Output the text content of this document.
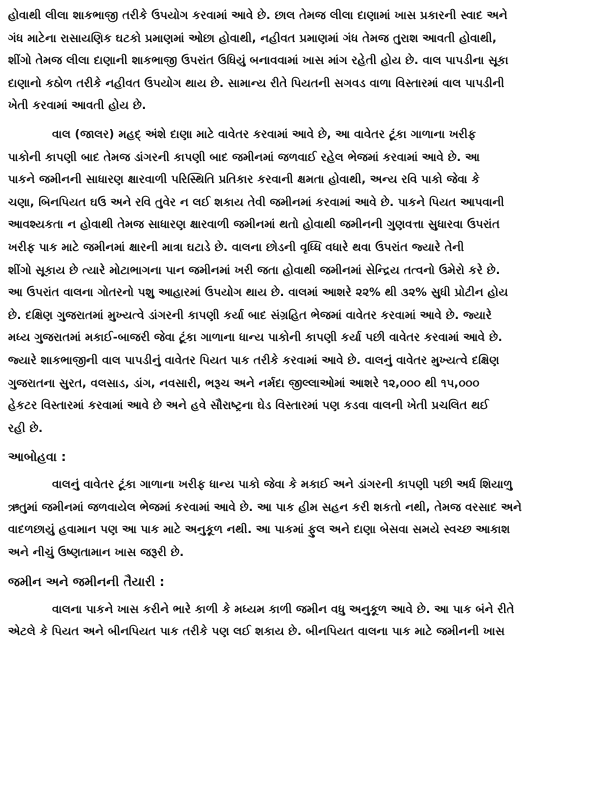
હોવાથી લીલા શાકભાજી તરીકે ઉપયોગ કરવામાં આવે છે. છાલ તેમજ લીલા દાણામાં ખાસ પ્રકારની સ્વાદ અને
ગંધ માટેના રાસાયણિક ઘટકો પ્રમાણમાં ઓછા હોવાથી, નહીવત પ્રમાણમાં ગંધ તેમજ તુરાશ આવતી હોવાથી,
શીંગો તેમજ લીલા દાણાની શાકભાજી ઉપરાંત ઉધિયું બનાવવામાં ખાસ માંગ રહેતી હોય છે. વાલ પાપડીના સૂકા
દાણાનો કઠોળ તરીકે નહીવત ઉપયોગ થાય છે. સામાન્ય રીતે પિયતની સગવડ વાળા વિસ્તારમાં વાલ પાપડીની
ખેતી કરવામાં આવતી હોય છે.
વાલ (જાલર) મહદ્ અંશે દાણા માટે વાવેતર કરવામાં આવે છે, આ વાવેતર ટૂંકા ગાળાના ખરીફ
પાકોની કાપણી બાદ તેમજ ડાંગરની કાપણી બાદ જમીનમાં જળવાઈ રહેલ ભેજમાં કરવામાં આવે છે. આ
પાકને જમીનની સાધારણ ક્ષારવાળી પરિસ્થિતિ પ્રતિકાર કરવાની ક્ષમતા હોવાથી, અન્ય રવિ પાકો જેવા કે
ચણા, બિનપિયત ઘઉ અને રવિ તુવેર ન લઈ શકાય તેવી જમીનમાં કરવામાં આવે છે. પાકને પિયત આપવાની
આવશ્યકતા ન હોવાથી તેમજ સાધારણ ક્ષારવાળી જમીનમાં થતો હોવાથી જમીનની ગુણવત્તા સુધારવા ઉપરાંત
ખરીફ પાક માટે જમીનમાં ક્ષારની માત્રા ઘટાડે છે. વાલના છોડની વૃધ્ધિ વધારે થવા ઉપરાંત જ્યારે તેની
શીંગો સૂકાય છે ત્યારે મોટાભાગના પાન જમીનમાં ખરી જતા હોવાથી જમીનમાં સેન્દ્રિય તત્વનો ઉમેરો કરે છે.
આ ઉપરાંત વાલના ગોતરનો પશુ આહારમાં ઉપયોગ થાય છે. વાલમાં આશરે ૨૨% થી ૩૨% સુધી પ્રોટીન હોય
છે. દક્ષિણ ગુજરાતમાં મુખ્યત્વે ડાંગરની કાપણી કર્યા બાદ સંગ્રહિત ભેજમાં વાવેતર કરવામાં આવે છે. જ્યારે
મધ્ય ગુજરાતમાં મકાઈ-બાજરી જેવા ટૂંકા ગાળાના ધાન્ય પાકોની કાપણી કર્યા પછી વાવેતર કરવામાં આવે છે.
જ્યારે શાકભાજીની વાલ પાપડીનું વાવેતર પિયત પાક તરીકે કરવામાં આવે છે. વાલનું વાવેતર મુખ્યત્વે દક્ષિણ
ગુજરાતના સુરત, વલસાડ, ડાંગ, નવસારી, ભરૂચ અને નર્મદા જીલ્લાઓમાં આશરે ૧૨,૦૦૦ થી ૧૫,૦૦૦
હેકટર વિસ્તારમાં કરવામાં આવે છે અને હવે સૌરાષ્ટ્રના ઘેડ વિસ્તારમાં પણ કડવા વાલની ખેતી પ્રચલિત થઈ
રહી છે.
આબોહવા :
વાલનું વાવેતર ટૂંકા ગાળાના ખરીફ ધાન્ય પાકો જેવા કે મકાઈ અને ડાંગરની કાપણી પછી અર્ધ શિયાળુ
ઋતુમાં જમીનમાં જળવાયેલ ભેજમાં કરવામાં આવે છે. આ પાક હીમ સહન કરી શકતો નથી, તેમજ વરસાદ અને
વાદળછાયું હવામાન પણ આ પાક માટે અનુકૂળ નથી. આ પાકમાં ફુલ અને દાણા બેસવા સમયે સ્વચ્છ આકાશ
અને નીચું ઉષ્ણતામાન ખાસ જરૂરી છે.
જમીન અને જમીનની તૈયારી :
વાલના પાકને ખાસ કરીને ભારે કાળી કે મધ્યમ કાળી જમીન વધુ અનુકૂળ આવે છે. આ પાક બંને રીતે
એટલે કે પિયત અને બીનપિયત પાક તરીકે પણ લઈ શકાય છે. બીનપિયત વાલના પાક માટે જમીનની ખાસ
